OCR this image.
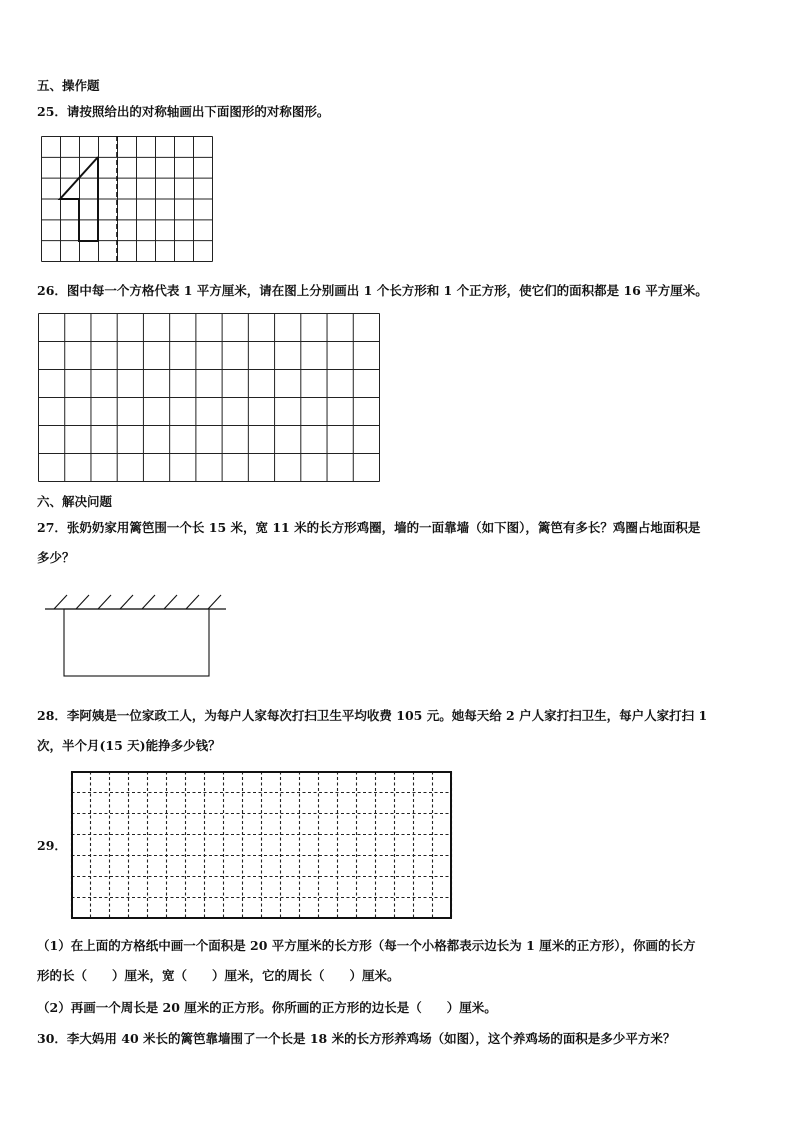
五、操作题
25．请按照给出的对称轴画出下面图形的对称图形。
26．图中每一个方格代表 1 平方厘米，请在图上分别画出 1 个长方形和 1 个正方形，使它们的面积都是 16 平方厘米。
六、解决问题
27．张奶奶家用篱笆围一个长 15 米，宽 11 米的长方形鸡圈，墙的一面靠墙（如下图），篱笆有多长？鸡圈占地面积是
多少？
28．李阿姨是一位家政工人，为每户人家每次打扫卫生平均收费 105 元。她每天给 2 户人家打扫卫生，每户人家打扫 1
次，半个月(15 天)能挣多少钱？
29．
（1）在上面的方格纸中画一个面积是 20 平方厘米的长方形（每一个小格都表示边长为 1 厘米的正方形），你画的长方
形的长（　　）厘米，宽（　　）厘米，它的周长（　　）厘米。
（2）再画一个周长是 20 厘米的正方形。你所画的正方形的边长是（　　）厘米。
30．李大妈用 40 米长的篱笆靠墙围了一个长是 18 米的长方形养鸡场（如图），这个养鸡场的面积是多少平方米？
